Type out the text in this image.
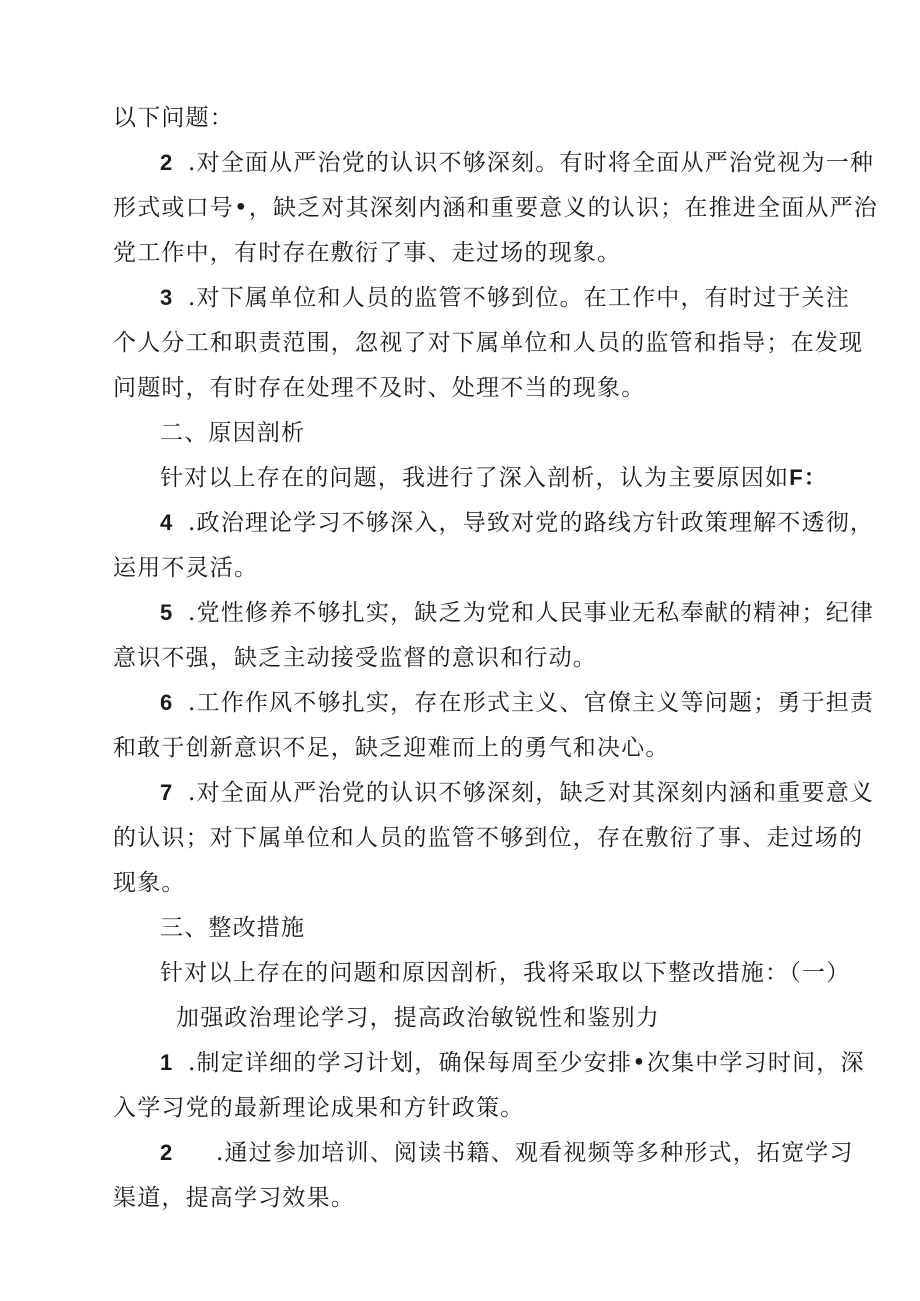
以下问题：
2 .对全面从严治党的认识不够深刻。有时将全面从严治党视为一种
形式或口号•，缺乏对其深刻内涵和重要意义的认识；在推进全面从严治
党工作中，有时存在敷衍了事、走过场的现象。
3 .对下属单位和人员的监管不够到位。在工作中，有时过于关注
个人分工和职责范围，忽视了对下属单位和人员的监管和指导；在发现
问题时，有时存在处理不及时、处理不当的现象。
二、原因剖析
针对以上存在的问题，我进行了深入剖析，认为主要原因如F：
4 .政治理论学习不够深入，导致对党的路线方针政策理解不透彻，
运用不灵活。
5 .党性修养不够扎实，缺乏为党和人民事业无私奉献的精神；纪律
意识不强，缺乏主动接受监督的意识和行动。
6 .工作作风不够扎实，存在形式主义、官僚主义等问题；勇于担责
和敢于创新意识不足，缺乏迎难而上的勇气和决心。
7 .对全面从严治党的认识不够深刻，缺乏对其深刻内涵和重要意义
的认识；对下属单位和人员的监管不够到位，存在敷衍了事、走过场的
现象。
三、整改措施
针对以上存在的问题和原因剖析，我将采取以下整改措施：（一）
加强政治理论学习，提高政治敏锐性和鉴别力
1 .制定详细的学习计划，确保每周至少安排•次集中学习时间，深
入学习党的最新理论成果和方针政策。
2 .通过参加培训、阅读书籍、观看视频等多种形式，拓宽学习
渠道，提高学习效果。
